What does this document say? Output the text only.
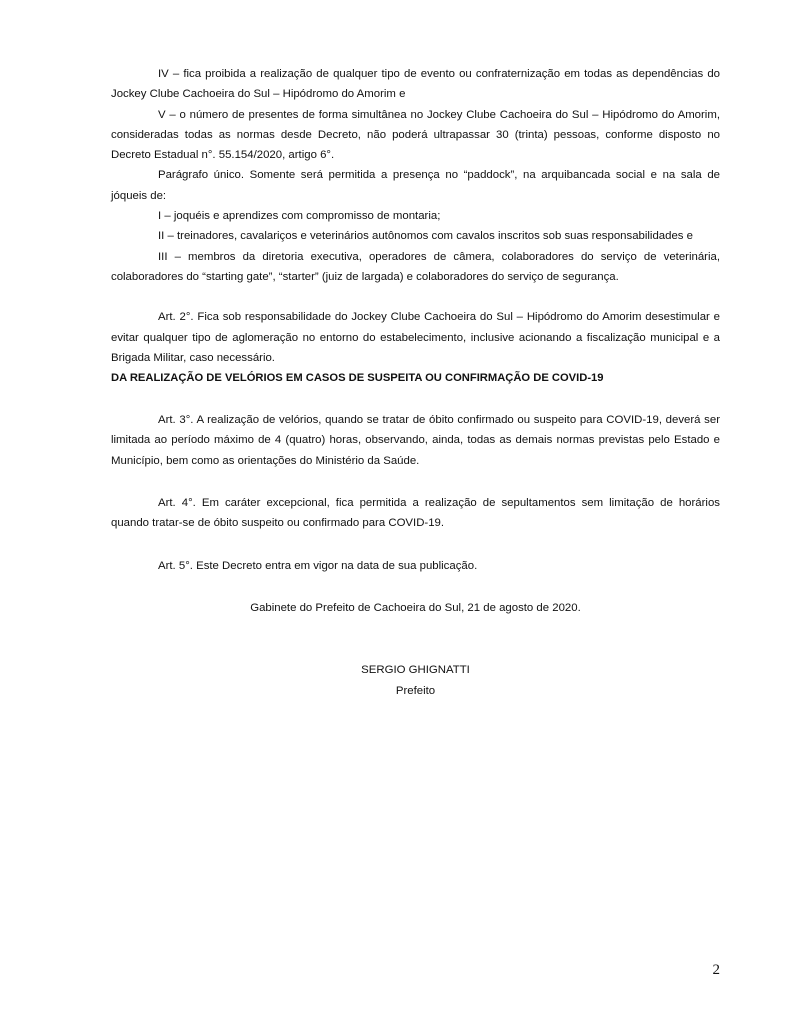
IV – fica proibida a realização de qualquer tipo de evento ou confraternização em todas as dependências do Jockey Clube Cachoeira do Sul – Hipódromo do Amorim e

V – o número de presentes de forma simultânea no Jockey Clube Cachoeira do Sul – Hipódromo do Amorim, consideradas todas as normas desde Decreto, não poderá ultrapassar 30 (trinta) pessoas, conforme disposto no Decreto Estadual n°. 55.154/2020, artigo 6°.

Parágrafo único. Somente será permitida a presença no “paddock”, na arquibancada social e na sala de jóqueis de:

I – joquéis e aprendizes com compromisso de montaria;

II – treinadores, cavalariços e veterinários autônomos com cavalos inscritos sob suas responsabilidades e

III – membros da diretoria executiva, operadores de câmera, colaboradores do serviço de veterinária, colaboradores do “starting gate”, “starter” (juiz de largada) e colaboradores do serviço de segurança.

Art. 2°. Fica sob responsabilidade do Jockey Clube Cachoeira do Sul – Hipódromo do Amorim desestimular e evitar qualquer tipo de aglomeração no entorno do estabelecimento, inclusive acionando a fiscalização municipal e a Brigada Militar, caso necessário.

DA REALIZAÇÃO DE VELÓRIOS EM CASOS DE SUSPEITA OU CONFIRMAÇÃO DE COVID-19

Art. 3°. A realização de velórios, quando se tratar de óbito confirmado ou suspeito para COVID-19, deverá ser limitada ao período máximo de 4 (quatro) horas, observando, ainda, todas as demais normas previstas pelo Estado e Município, bem como as orientações do Ministério da Saúde.

Art. 4°. Em caráter excepcional, fica permitida a realização de sepultamentos sem limitação de horários quando tratar-se de óbito suspeito ou confirmado para COVID-19.

Art. 5°. Este Decreto entra em vigor na data de sua publicação.

Gabinete do Prefeito de Cachoeira do Sul, 21 de agosto de 2020.

SERGIO GHIGNATTI

Prefeito

2
